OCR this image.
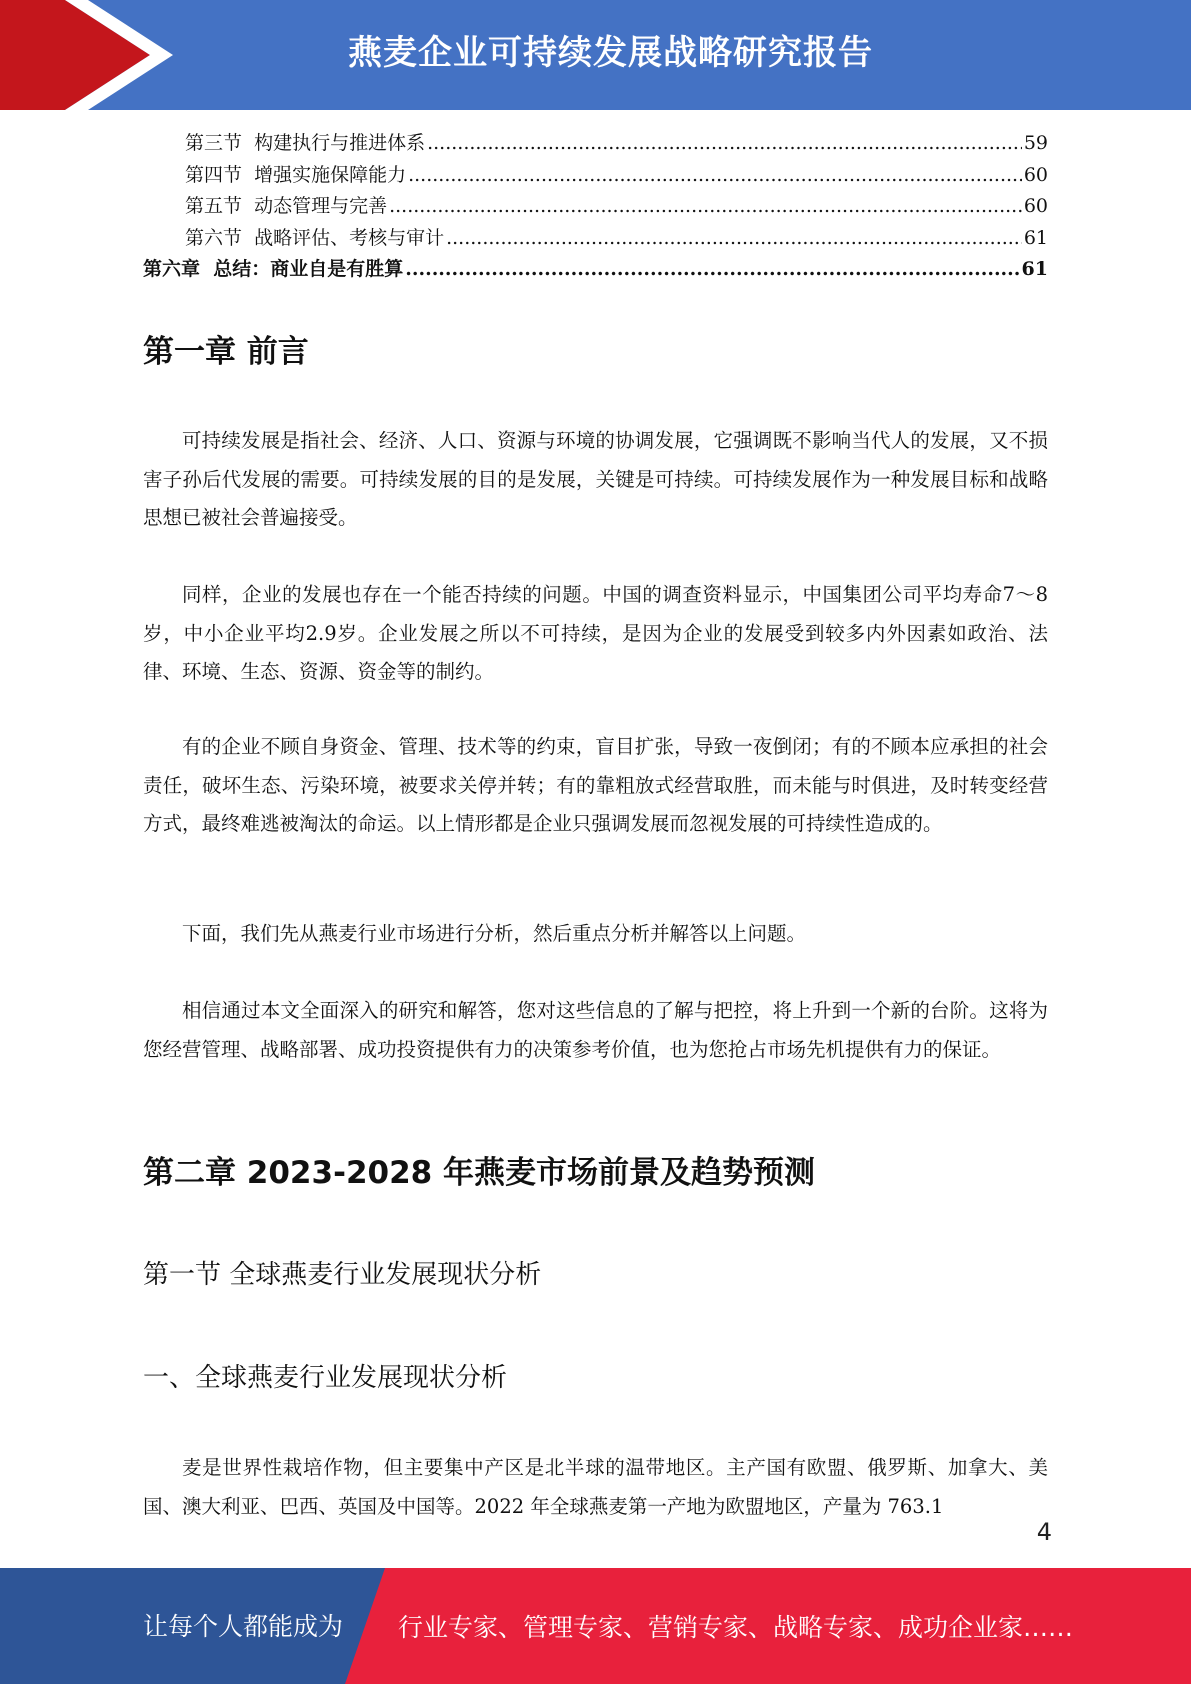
燕麦企业可持续发展战略研究报告
第三节  构建执行与推进体系 .....	59
第四节  增强实施保障能力 .....	60
第五节  动态管理与完善 .....	60
第六节  战略评估、考核与审计 .....	61
第六章  总结：商业自是有胜算 .....	61
第一章 前言

可持续发展是指社会、经济、人口、资源与环境的协调发展，它强调既不影响当代人的发展，又不损害子孙后代发展的需要。可持续发展的目的是发展，关键是可持续。可持续发展作为一种发展目标和战略思想已被社会普遍接受。

同样，企业的发展也存在一个能否持续的问题。中国的调查资料显示，中国集团公司平均寿命7～8岁，中小企业平均2.9岁。企业发展之所以不可持续，是因为企业的发展受到较多内外因素如政治、法律、环境、生态、资源、资金等的制约。

有的企业不顾自身资金、管理、技术等的约束，盲目扩张，导致一夜倒闭；有的不顾本应承担的社会责任，破坏生态、污染环境，被要求关停并转；有的靠粗放式经营取胜，而未能与时俱进，及时转变经营方式，最终难逃被淘汰的命运。以上情形都是企业只强调发展而忽视发展的可持续性造成的。

下面，我们先从燕麦行业市场进行分析，然后重点分析并解答以上问题。

相信通过本文全面深入的研究和解答，您对这些信息的了解与把控，将上升到一个新的台阶。这将为您经营管理、战略部署、成功投资提供有力的决策参考价值，也为您抢占市场先机提供有力的保证。

第二章 2023-2028 年燕麦市场前景及趋势预测
第一节 全球燕麦行业发展现状分析
一、全球燕麦行业发展现状分析

麦是世界性栽培作物，但主要集中产区是北半球的温带地区。主产国有欧盟、俄罗斯、加拿大、美国、澳大利亚、巴西、英国及中国等。2022 年全球燕麦第一产地为欧盟地区，产量为 763.1

4
让每个人都能成为 行业专家、管理专家、营销专家、战略专家、成功企业家……
